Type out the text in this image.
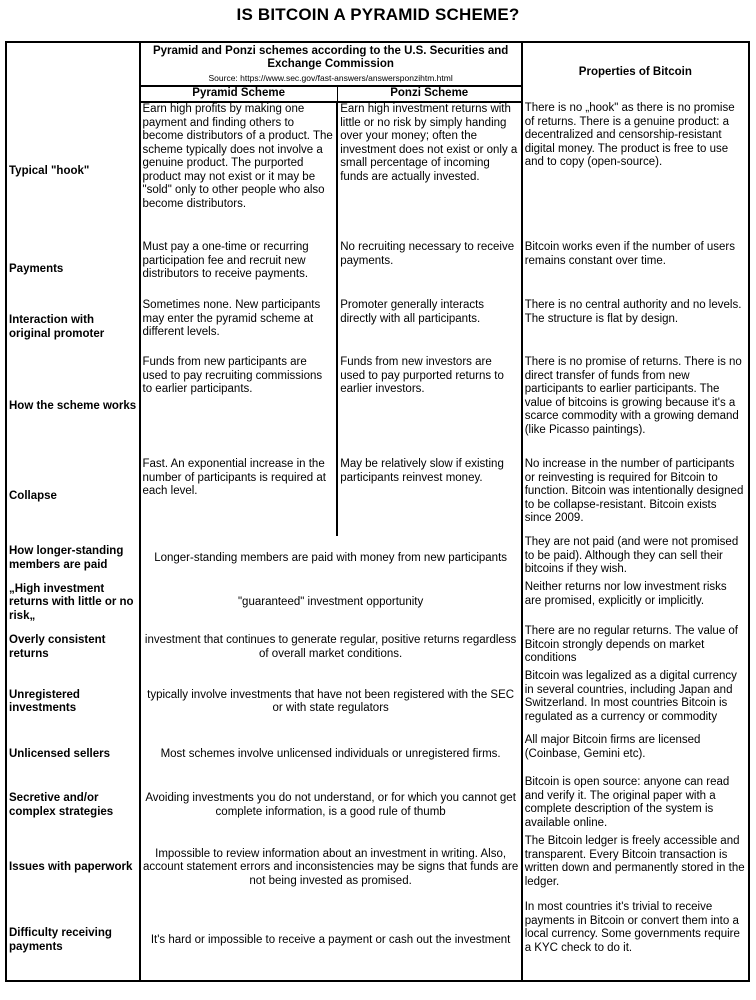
IS BITCOIN A PYRAMID SCHEME?
	Pyramid and Ponzi schemes according to the U.S. Securities and Exchange Commission
Source: https://www.sec.gov/fast-answers/answersponzihtm.html		Properties of Bitcoin
	Pyramid Scheme	Ponzi Scheme	
Typical "hook"	Earn high profits by making one payment and finding others to become distributors of a product. The scheme typically does not involve a genuine product. The purported product may not exist or it may be "sold" only to other people who also become distributors.	Earn high investment returns with little or no risk by simply handing over your money; often the investment does not exist or only a small percentage of incoming funds are actually invested.	There is no „hook" as there is no promise of returns. There is a genuine product: a decentralized and censorship-resistant digital money. The product is free to use and to copy (open-source).
Payments	Must pay a one-time or recurring participation fee and recruit new distributors to receive payments.	No recruiting necessary to receive payments.	Bitcoin works even if the number of users remains constant over time.
Interaction with original promoter	Sometimes none. New participants may enter the pyramid scheme at different levels.	Promoter generally interacts directly with all participants.	There is no central authority and no levels. The structure is flat by design.
How the scheme works	Funds from new participants are used to pay recruiting commissions to earlier participants.	Funds from new investors are used to pay purported returns to earlier investors.	There is no promise of returns. There is no direct transfer of funds from new participants to earlier participants. The value of bitcoins is growing because it's a scarce commodity with a growing demand (like Picasso paintings).
Collapse	Fast. An exponential increase in the number of participants is required at each level.	May be relatively slow if existing participants reinvest money.	No increase in the number of participants or reinvesting is required for Bitcoin to function. Bitcoin was intentionally designed to be collapse-resistant. Bitcoin exists since 2009.
How longer-standing members are paid	Longer-standing members are paid with money from new participants		They are not paid (and were not promised to be paid). Although they can sell their bitcoins if they wish.
„High investment returns with little or no risk„	"guaranteed" investment opportunity		Neither returns nor low investment risks are promised, explicitly or implicitly.
Overly consistent returns	investment that continues to generate regular, positive returns regardless of overall market conditions.		There are no regular returns. The value of Bitcoin strongly depends on market conditions
Unregistered investments	typically involve investments that have not been registered with the SEC or with state regulators		Bitcoin was legalized as a digital currency in several countries, including Japan and Switzerland. In most countries Bitcoin is regulated as a currency or commodity
Unlicensed sellers	Most schemes involve unlicensed individuals or unregistered firms.		All major Bitcoin firms are licensed (Coinbase, Gemini etc).
Secretive and/or complex strategies	Avoiding investments you do not understand, or for which you cannot get complete information, is a good rule of thumb		Bitcoin is open source: anyone can read and verify it. The original paper with a complete description of the system is available online.
Issues with paperwork	Impossible to review information about an investment in writing. Also, account statement errors and inconsistencies may be signs that funds are not being invested as promised.		The Bitcoin ledger is freely accessible and transparent. Every Bitcoin transaction is written down and permanently stored in the ledger.
Difficulty receiving payments	It's hard or impossible to receive a payment or cash out the investment		In most countries it's trivial to receive payments in Bitcoin or convert them into a local currency. Some governments require a KYC check to do it.
